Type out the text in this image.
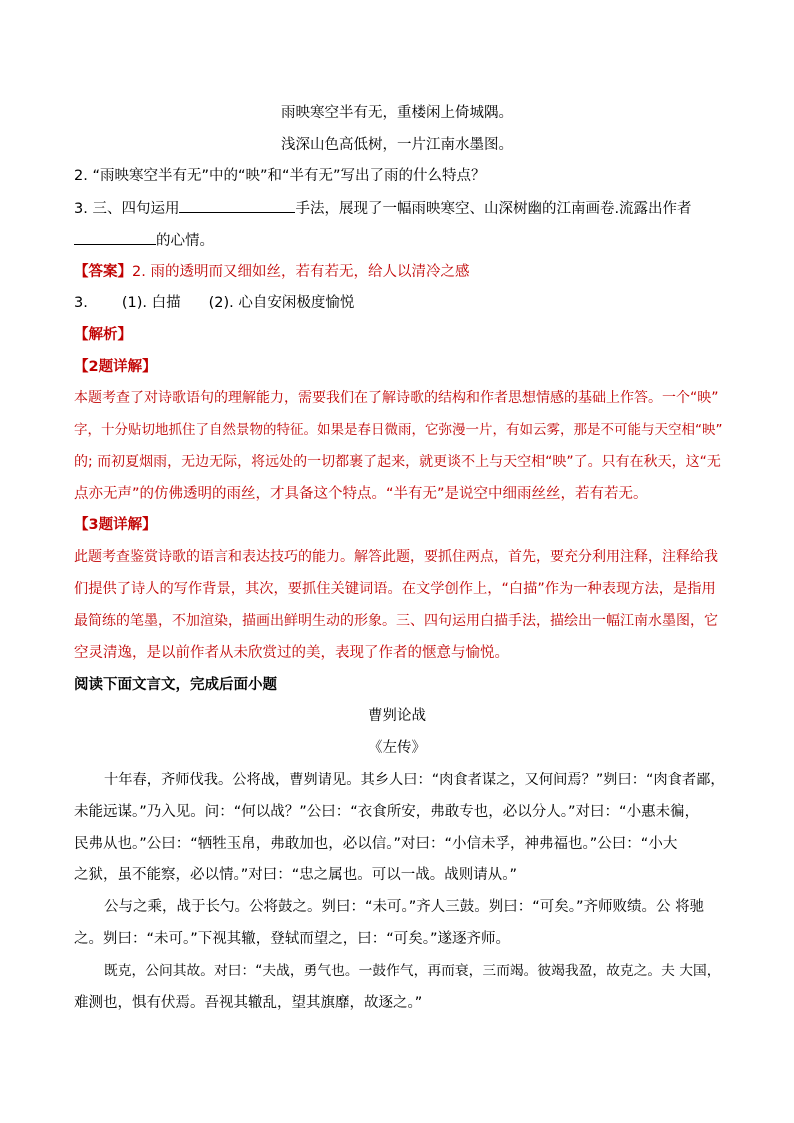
雨映寒空半有无，重楼闲上倚城隅。
浅深山色高低树，一片江南水墨图。
2. “雨映寒空半有无”中的“映”和“半有无”写出了雨的什么特点？
3. 三、四句运用	手法，展现了一幅雨映寒空、山深树幽的江南画卷.流露出作者
的心情。
【答案】2. 雨的透明而又细如丝，若有若无，给人以清冷之感
3. (1). 白描 (2). 心自安闲极度愉悦
【解析】
【2题详解】
本题考查了对诗歌语句的理解能力，需要我们在了解诗歌的结构和作者思想情感的基础上作答。一个“映”
字，十分贴切地抓住了自然景物的特征。如果是春日微雨，它弥漫一片，有如云雾，那是不可能与天空相“映”
的; 而初夏烟雨，无边无际，将远处的一切都裹了起来，就更谈不上与天空相“映”了。只有在秋天，这“无
点亦无声”的仿佛透明的雨丝，才具备这个特点。“半有无”是说空中细雨丝丝，若有若无。
【3题详解】
此题考查鉴赏诗歌的语言和表达技巧的能力。解答此题，要抓住两点，首先，要充分利用注释，注释给我
们提供了诗人的写作背景，其次，要抓住关键词语。在文学创作上，“白描”作为一种表现方法，是指用
最简练的笔墨，不加渲染，描画出鲜明生动的形象。三、四句运用白描手法，描绘出一幅江南水墨图，它
空灵清逸，是以前作者从未欣赏过的美，表现了作者的惬意与愉悦。
阅读下面文言文，完成后面小题
曹刿论战
《左传》
十年春，齐师伐我。公将战，曹刿请见。其乡人曰：“肉食者谋之，又何间焉？”刿曰：“肉食者鄙，
未能远谋。”乃入见。问：“何以战？”公曰：“衣食所安，弗敢专也，必以分人。”对曰：“小惠未徧，
民弗从也。”公曰：“牺牲玉帛，弗敢加也，必以信。”对曰：“小信未孚，神弗福也。”公曰：“小大
之狱，虽不能察，必以情。”对曰：“忠之属也。可以一战。战则请从。”
公与之乘，战于长勺。公将鼓之。刿曰：“未可。”齐人三鼓。刿曰：“可矣。”齐师败绩。公 将驰
之。刿曰：“未可。”下视其辙，登轼而望之，曰：“可矣。”遂逐齐师。
既克，公问其故。对曰：“夫战，勇气也。一鼓作气，再而衰，三而竭。彼竭我盈，故克之。夫 大国，
难测也，惧有伏焉。吾视其辙乱，望其旗靡，故逐之。”
